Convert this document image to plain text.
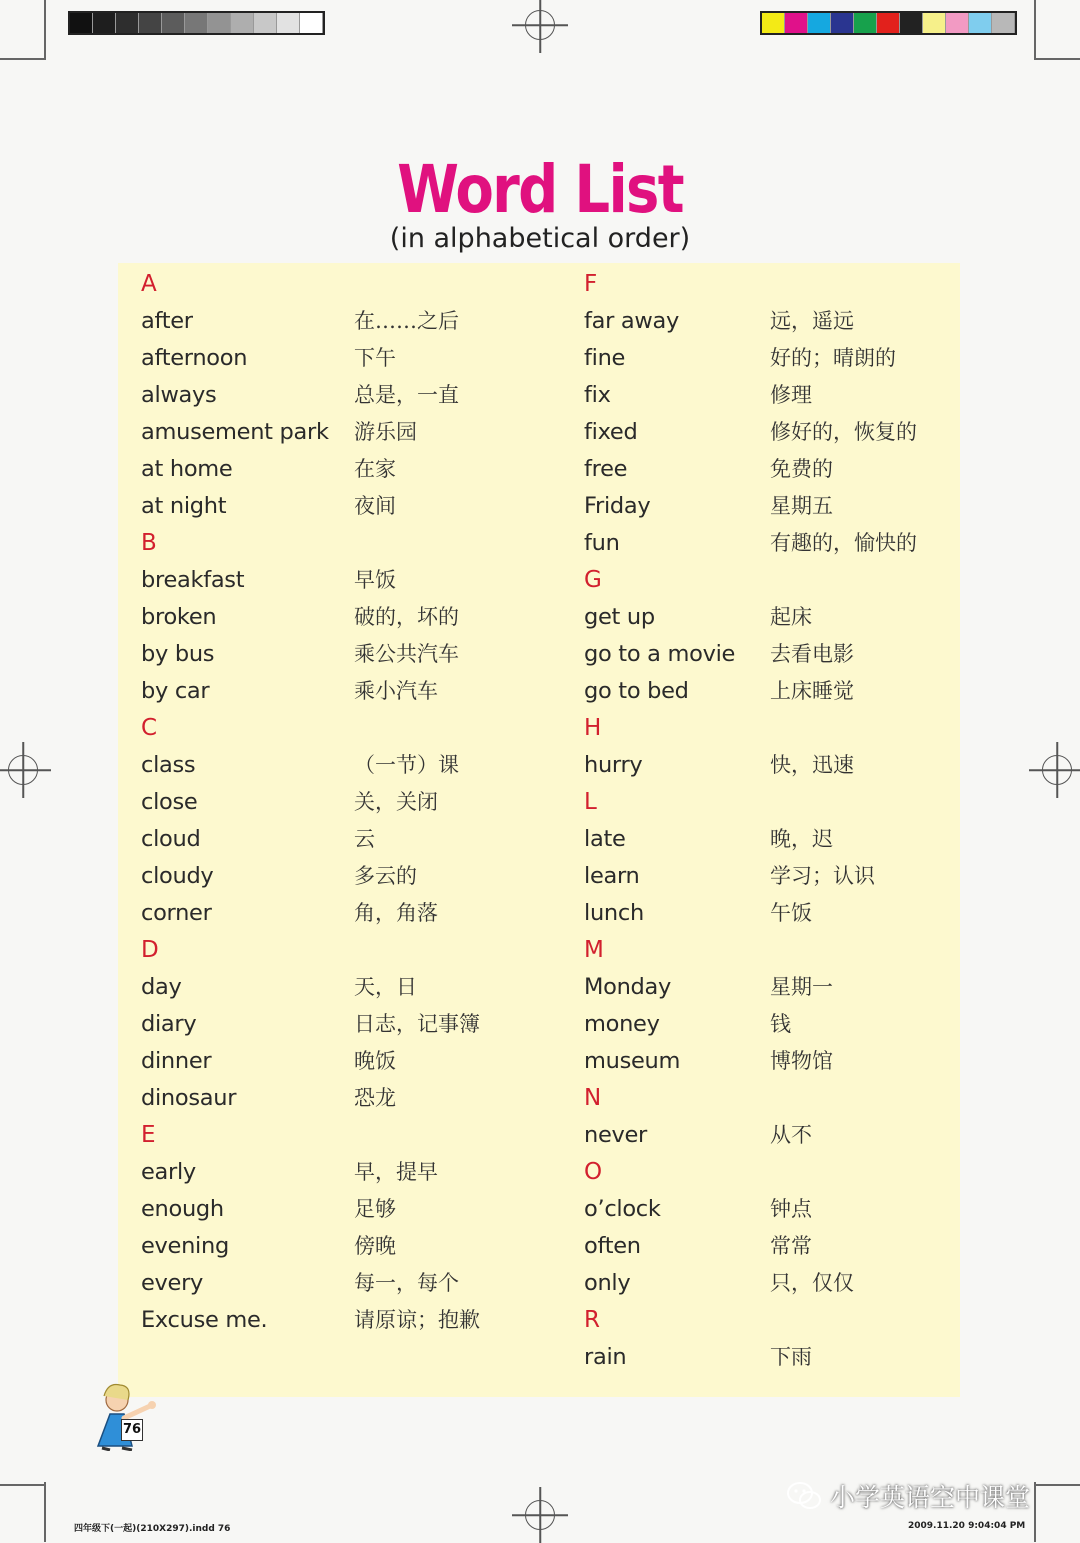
Word List
(in alphabetical order)
A
after	在……之后
afternoon	下午
always	总是，一直
amusement park 游乐园
at home	在家
at night	夜间
B
breakfast	早饭
broken	破的，坏的
by bus	乘公共汽车
by car	乘小汽车
C
class	（一节）课
close	关，关闭
cloud	云
cloudy	多云的
corner	角，角落
D
day	天，日
diary	日志，记事簿
dinner	晚饭
dinosaur	恐龙
E
early	早，提早
enough	足够
evening	傍晚
every	每一，每个
Excuse me.	请原谅；抱歉
F
far away	远，遥远
fine	好的；晴朗的
fix	修理
fixed	修好的，恢复的
free	免费的
Friday	星期五
fun	有趣的，愉快的
G
get up	起床
go to a movie 去看电影
go to bed	上床睡觉
H
hurry	快，迅速
L
late	晚，迟
learn	学习；认识
lunch	午饭
M
Monday	星期一
money	钱
museum	博物馆
N
never	从不
O
o’clock	钟点
often	常常
only	只，仅仅
R
rain	下雨
76
四年级下(一起)(210X297).indd 76	2009.11.20 9:04:04 PM
小学英语空中课堂
